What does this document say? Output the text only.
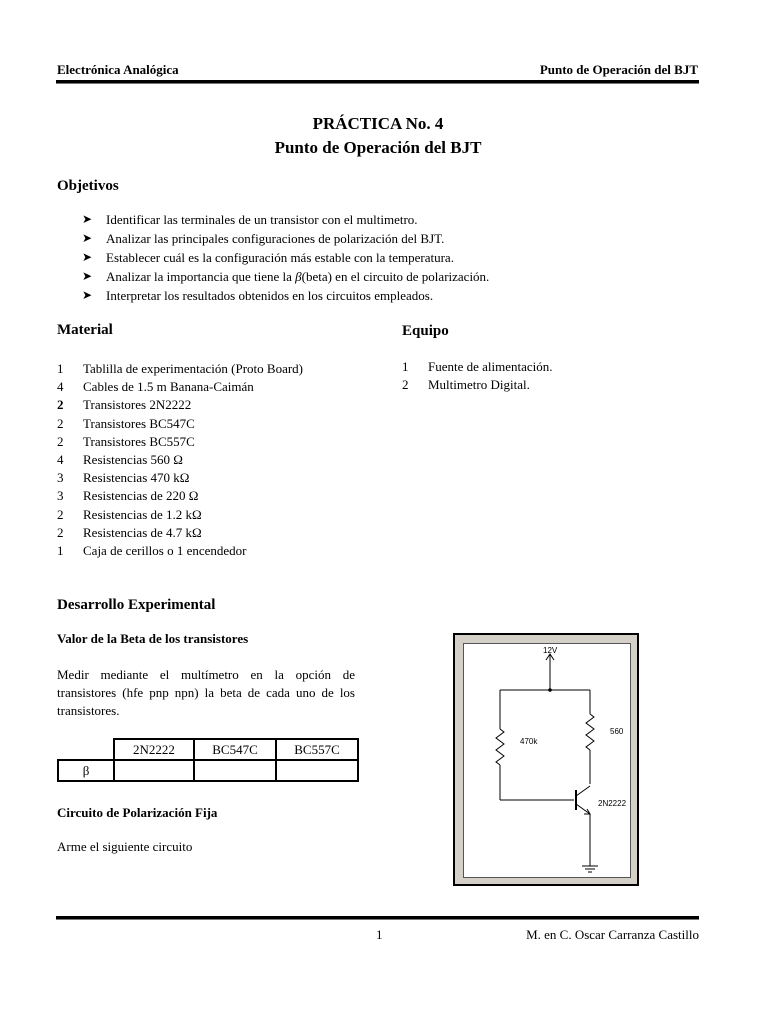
Electrónica Analógica	Punto de Operación del BJT
PRÁCTICA No. 4
Punto de Operación del BJT
Objetivos
➤ Identificar las terminales de un transistor con el multimetro.
➤ Analizar las principales configuraciones de polarización del BJT.
➤ Establecer cuál es la configuración más estable con la temperatura.
➤ Analizar la importancia que tiene la β(beta) en el circuito de polarización.
➤ Interpretar los resultados obtenidos en los circuitos empleados.
Material
1 Tablilla de experimentación (Proto Board)
4 Cables de 1.5 m Banana-Caimán
2 Transistores 2N2222
2 Transistores BC547C
2 Transistores BC557C
4 Resistencias 560 Ω
3 Resistencias 470 kΩ
3 Resistencias de 220 Ω
2 Resistencias de 1.2 kΩ
2 Resistencias de 4.7 kΩ
1 Caja de cerillos o 1 encendedor
Equipo
1 Fuente de alimentación.
2 Multimetro Digital.
Desarrollo Experimental
Valor de la Beta de los transistores
Medir mediante el multímetro en la opción de transistores (hfe pnp npn) la beta de cada uno de los transistores.
	2N2222	BC547C	BC557C
β			
Circuito de Polarización Fija
Arme el siguiente circuito
12V
470k
560
2N2222
1	M. en C. Oscar Carranza Castillo
